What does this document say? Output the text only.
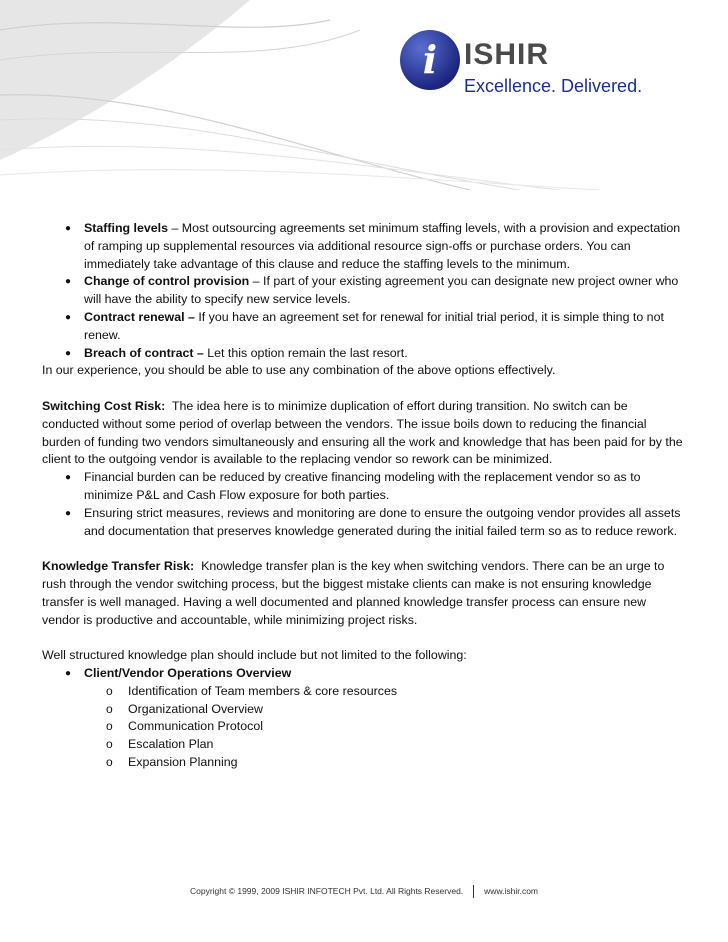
i ISHIR
Excellence. Delivered.
● Staffing levels – Most outsourcing agreements set minimum staffing levels, with a provision and expectation of ramping up supplemental resources via additional resource sign-offs or purchase orders. You can immediately take advantage of this clause and reduce the staffing levels to the minimum.
● Change of control provision – If part of your existing agreement you can designate new project owner who will have the ability to specify new service levels.
● Contract renewal – If you have an agreement set for renewal for initial trial period, it is simple thing to not renew.
● Breach of contract – Let this option remain the last resort.

In our experience, you should be able to use any combination of the above options effectively.

Switching Cost Risk: The idea here is to minimize duplication of effort during transition. No switch can be conducted without some period of overlap between the vendors. The issue boils down to reducing the financial burden of funding two vendors simultaneously and ensuring all the work and knowledge that has been paid for by the client to the outgoing vendor is available to the replacing vendor so rework can be minimized.

● Financial burden can be reduced by creative financing modeling with the replacement vendor so as to minimize P&L and Cash Flow exposure for both parties.
● Ensuring strict measures, reviews and monitoring are done to ensure the outgoing vendor provides all assets and documentation that preserves knowledge generated during the initial failed term so as to reduce rework.

Knowledge Transfer Risk: Knowledge transfer plan is the key when switching vendors. There can be an urge to rush through the vendor switching process, but the biggest mistake clients can make is not ensuring knowledge transfer is well managed. Having a well documented and planned knowledge transfer process can ensure new vendor is productive and accountable, while minimizing project risks.

Well structured knowledge plan should include but not limited to the following:

● Client/Vendor Operations Overview
o Identification of Team members & core resources
o Organizational Overview
o Communication Protocol
o Escalation Plan
o Expansion Planning
Copyright © 1999, 2009 ISHIR INFOTECH Pvt. Ltd. All Rights Reserved. www.ishir.com
